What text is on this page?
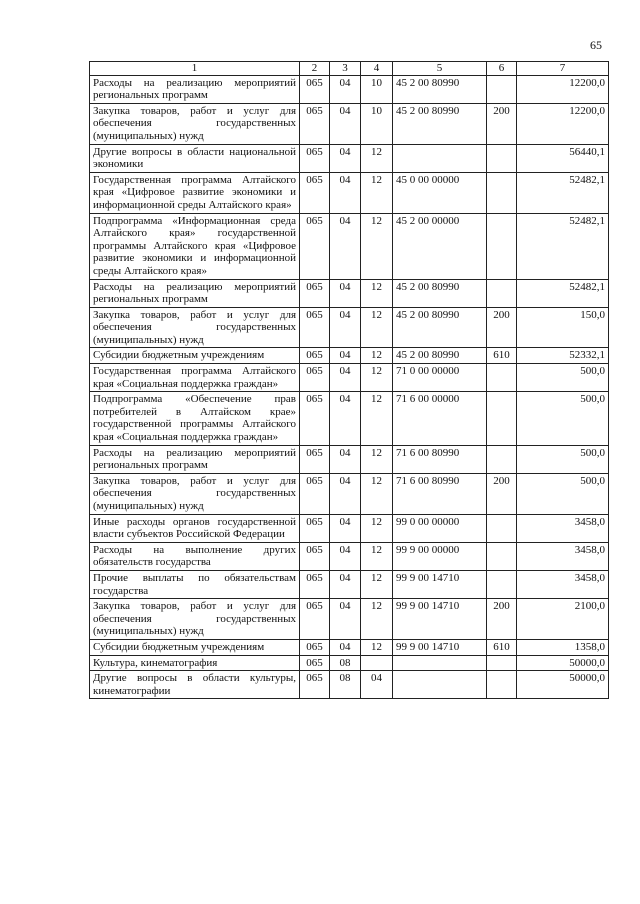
65
1	2	3	4	5	6	7
Расходы на реализацию мероприятий региональных программ	065	04	10	45 2 00 80990		12200,0
Закупка товаров, работ и услуг для обеспечения государственных (муниципальных) нужд	065	04	10	45 2 00 80990	200	12200,0
Другие вопросы в области национальной экономики	065	04	12			56440,1
Государственная программа Алтайского края «Цифровое развитие экономики и информационной среды Алтайского края»	065	04	12	45 0 00 00000		52482,1
Подпрограмма «Информационная среда Алтайского края» государственной программы Алтайского края «Цифровое развитие экономики и информационной среды Алтайского края»	065	04	12	45 2 00 00000		52482,1
Расходы на реализацию мероприятий региональных программ	065	04	12	45 2 00 80990		52482,1
Закупка товаров, работ и услуг для обеспечения государственных (муниципальных) нужд	065	04	12	45 2 00 80990	200	150,0
Субсидии бюджетным учреждениям	065	04	12	45 2 00 80990	610	52332,1
Государственная программа Алтайского края «Социальная поддержка граждан»	065	04	12	71 0 00 00000		500,0
Подпрограмма «Обеспечение прав потребителей в Алтайском крае» государственной программы Алтайского края «Социальная поддержка граждан»	065	04	12	71 6 00 00000		500,0
Расходы на реализацию мероприятий региональных программ	065	04	12	71 6 00 80990		500,0
Закупка товаров, работ и услуг для обеспечения государственных (муниципальных) нужд	065	04	12	71 6 00 80990	200	500,0
Иные расходы органов государственной власти субъектов Российской Федерации	065	04	12	99 0 00 00000		3458,0
Расходы на выполнение других обязательств государства	065	04	12	99 9 00 00000		3458,0
Прочие выплаты по обязательствам государства	065	04	12	99 9 00 14710		3458,0
Закупка товаров, работ и услуг для обеспечения государственных (муниципальных) нужд	065	04	12	99 9 00 14710	200	2100,0
Субсидии бюджетным учреждениям	065	04	12	99 9 00 14710	610	1358,0
Культура, кинематография	065	08				50000,0
Другие вопросы в области культуры, кинематографии	065	08	04			50000,0
